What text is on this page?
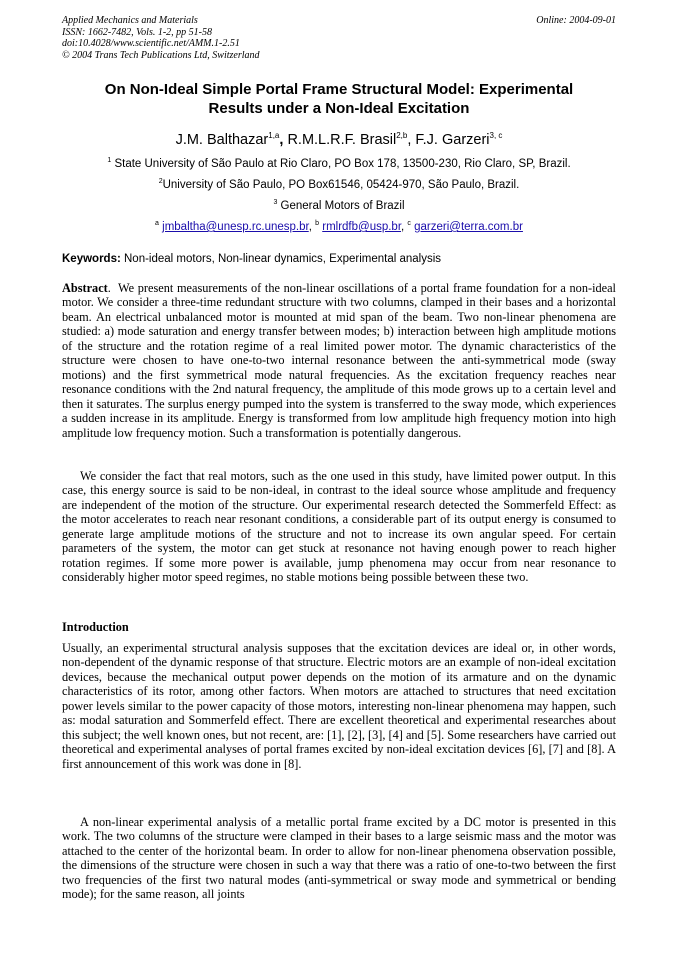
Applied Mechanics and Materials
ISSN: 1662-7482, Vols. 1-2, pp 51-58
doi:10.4028/www.scientific.net/AMM.1-2.51
© 2004 Trans Tech Publications Ltd, Switzerland
Online: 2004-09-01
On Non-Ideal Simple Portal Frame Structural Model: Experimental
Results under a Non-Ideal Excitation
J.M. Balthazar$^{1,a}$, R.M.L.R.F. Brasil$^{2,b}$, F.J. Garzeri$^{3, c}$
$^1$ State University of São Paulo at Rio Claro, PO Box 178, 13500-230, Rio Claro, SP, Brazil.
$^2$University of São Paulo, PO Box61546, 05424-970, São Paulo, Brazil.
$^3$ General Motors of Brazil
$^a$ jmbaltha@unesp.rc.unesp.br, $^b$ rmlrdfb@usp.br, $^c$ garzeri@terra.com.br
Keywords: Non-ideal motors, Non-linear dynamics, Experimental analysis
Abstract.  We present measurements of the non-linear oscillations of a portal frame foundation for a non-ideal motor. We consider a three-time redundant structure with two columns, clamped in their bases and a horizontal beam. An electrical unbalanced motor is mounted at mid span of the beam. Two non-linear phenomena are studied: a) mode saturation and energy transfer between modes; b) interaction between high amplitude motions of the structure and the rotation regime of a real limited power motor. The dynamic characteristics of the structure were chosen to have one-to-two internal resonance between the anti-symmetrical mode (sway motions) and the first symmetrical mode natural frequencies. As the excitation frequency reaches near resonance conditions with the 2nd natural frequency, the amplitude of this mode grows up to a certain level and then it saturates. The surplus energy pumped into the system is transferred to the sway mode, which experiences a sudden increase in its amplitude. Energy is transformed from low amplitude high frequency motion into high amplitude low frequency motion. Such a transformation is potentially dangerous.
We consider the fact that real motors, such as the one used in this study, have limited power output. In this case, this energy source is said to be non-ideal, in contrast to the ideal source whose amplitude and frequency are independent of the motion of the structure. Our experimental research detected the Sommerfeld Effect: as the motor accelerates to reach near resonant conditions, a considerable part of its output energy is consumed to generate large amplitude motions of the structure and not to increase its own angular speed. For certain parameters of the system, the motor can get stuck at resonance not having enough power to reach higher rotation regimes. If some more power is available, jump phenomena may occur from near resonance to considerably higher motor speed regimes, no stable motions being possible between these two.
Introduction
Usually, an experimental structural analysis supposes that the excitation devices are ideal or, in other words, non-dependent of the dynamic response of that structure. Electric motors are an example of non-ideal excitation devices, because the mechanical output power depends on the motion of its armature and on the dynamic characteristics of its rotor, among other factors. When motors are attached to structures that need excitation power levels similar to the power capacity of those motors, interesting non-linear phenomena may happen, such as: modal saturation and Sommerfeld effect. There are excellent theoretical and experimental researches about this subject; the well known ones, but not recent, are: [1], [2], [3], [4] and [5]. Some researchers have carried out theoretical and experimental analyses of portal frames excited by non-ideal excitation devices [6], [7] and [8]. A first announcement of this work was done in [8].
A non-linear experimental analysis of a metallic portal frame excited by a DC motor is presented in this work. The two columns of the structure were clamped in their bases to a large seismic mass and the motor was attached to the center of the horizontal beam. In order to allow for non-linear phenomena observation possible, the dimensions of the structure were chosen in such a way that there was a ratio of one-to-two between the first two frequencies of the first two natural modes (anti-symmetrical or sway mode and symmetrical or bending mode); for the same reason, all joints
